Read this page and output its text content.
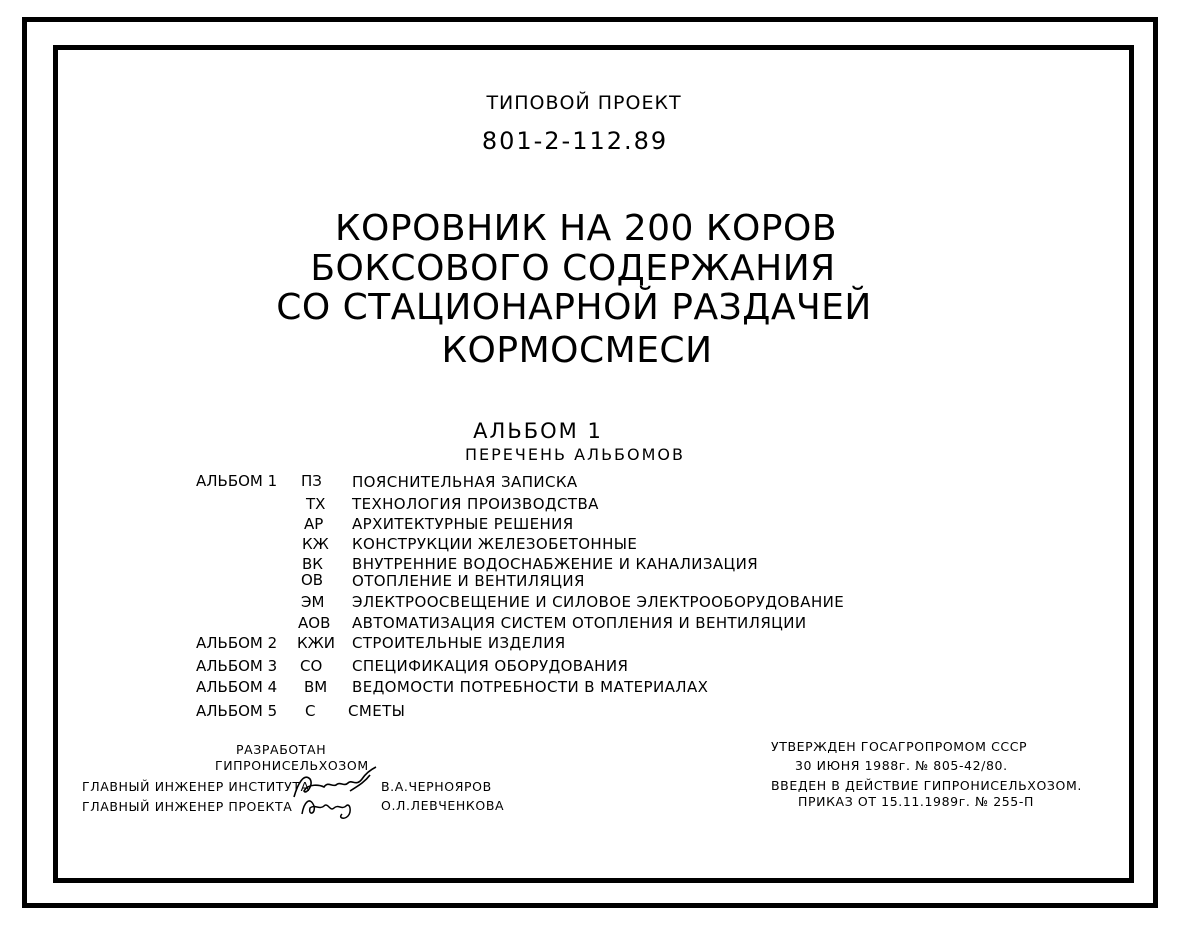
ТИПОВОЙ ПРОЕКТ
801-2-112.89
КОРОВНИК НА 200 КОРОВ
БОКСОВОГО СОДЕРЖАНИЯ
СО СТАЦИОНАРНОЙ РАЗДАЧЕЙ
КОРМОСМЕСИ
АЛЬБОМ 1
ПЕРЕЧЕНЬ АЛЬБОМОВ
АЛЬБОМ 1 ПЗ ПОЯСНИТЕЛЬНАЯ ЗАПИСКА
ТХ ТЕХНОЛОГИЯ ПРОИЗВОДСТВА
АР АРХИТЕКТУРНЫЕ РЕШЕНИЯ
КЖ КОНСТРУКЦИИ ЖЕЛЕЗОБЕТОННЫЕ
ВК ВНУТРЕННИЕ ВОДОСНАБЖЕНИЕ И КАНАЛИЗАЦИЯ
ОВ ОТОПЛЕНИЕ И ВЕНТИЛЯЦИЯ
ЭМ ЭЛЕКТРООСВЕЩЕНИЕ И СИЛОВОЕ ЭЛЕКТРООБОРУДОВАНИЕ
АОВ АВТОМАТИЗАЦИЯ СИСТЕМ ОТОПЛЕНИЯ И ВЕНТИЛЯЦИИ
АЛЬБОМ 2 КЖИ СТРОИТЕЛЬНЫЕ ИЗДЕЛИЯ
АЛЬБОМ 3 СО СПЕЦИФИКАЦИЯ ОБОРУДОВАНИЯ
АЛЬБОМ 4 ВМ ВЕДОМОСТИ ПОТРЕБНОСТИ В МАТЕРИАЛАХ
АЛЬБОМ 5 С СМЕТЫ
РАЗРАБОТАН
ГИПРОНИСЕЛЬХОЗОМ
ГЛАВНЫЙ ИНЖЕНЕР ИНСТИТУТА	В.А.ЧЕРНОЯРОВ
ГЛАВНЫЙ ИНЖЕНЕР ПРОЕКТА	О.Л.ЛЕВЧЕНКОВА
УТВЕРЖДЕН ГОСАГРОПРОМОМ СССР
30 ИЮНЯ 1988г. № 805-42/80.
ВВЕДЕН В ДЕЙСТВИЕ ГИПРОНИСЕЛЬХОЗОМ.
ПРИКАЗ ОТ 15.11.1989г. № 255-П
